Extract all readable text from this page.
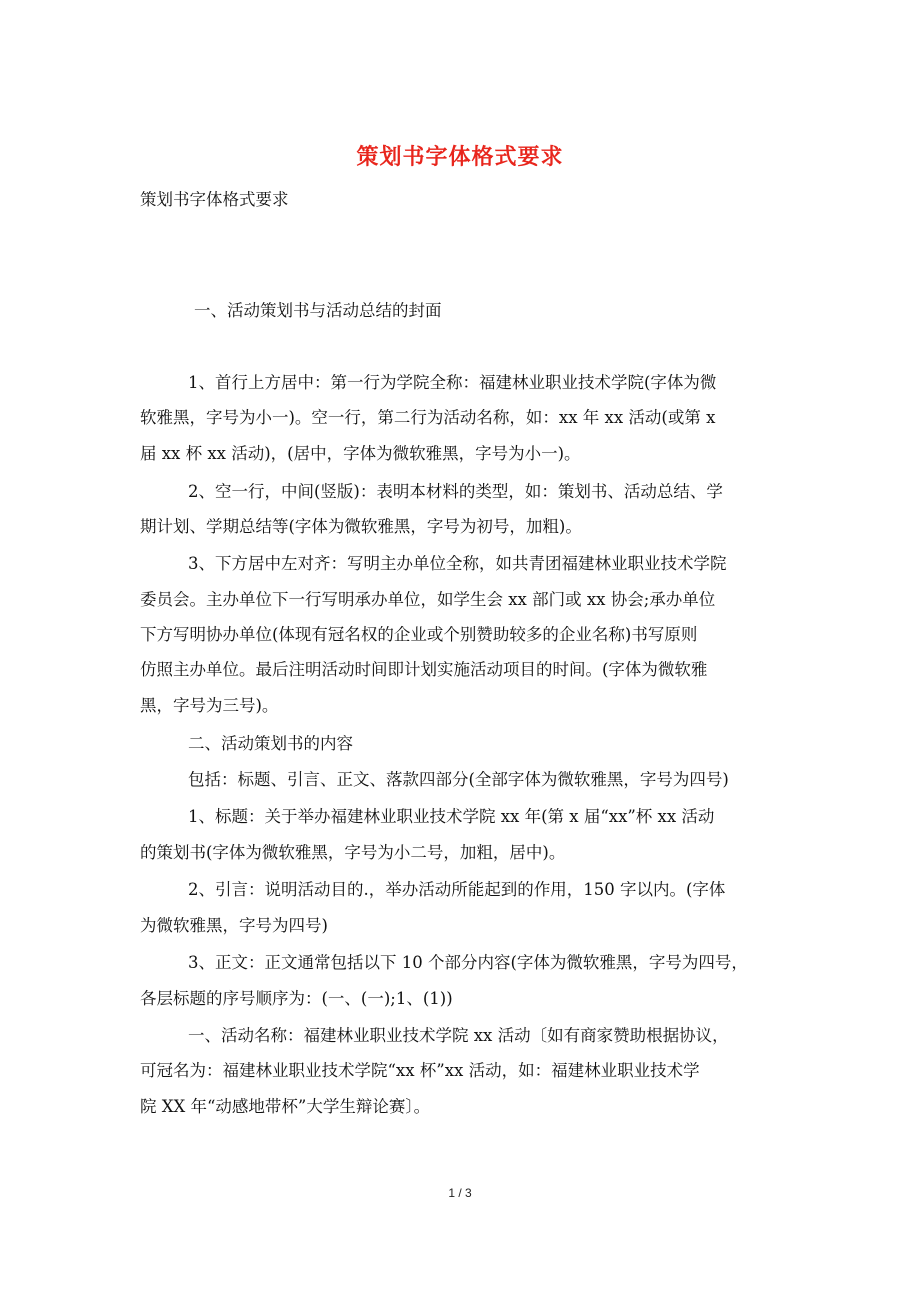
策划书字体格式要求
策划书字体格式要求
一、活动策划书与活动总结的封面
1、首行上方居中：第一行为学院全称：福建林业职业技术学院(字体为微
软雅黑，字号为小一)。空一行，第二行为活动名称，如：xx 年 xx 活动(或第 x
届 xx 杯 xx 活动)，(居中，字体为微软雅黑，字号为小一)。
2、空一行，中间(竖版)：表明本材料的类型，如：策划书、活动总结、学
期计划、学期总结等(字体为微软雅黑，字号为初号，加粗)。
3、下方居中左对齐：写明主办单位全称，如共青团福建林业职业技术学院
委员会。主办单位下一行写明承办单位，如学生会 xx 部门或 xx 协会;承办单位
下方写明协办单位(体现有冠名权的企业或个别赞助较多的企业名称)书写原则
仿照主办单位。最后注明活动时间即计划实施活动项目的时间。(字体为微软雅
黑，字号为三号)。
二、活动策划书的内容
包括：标题、引言、正文、落款四部分(全部字体为微软雅黑，字号为四号)
1、标题：关于举办福建林业职业技术学院 xx 年(第 x 届“xx”杯 xx 活动
的策划书(字体为微软雅黑，字号为小二号，加粗，居中)。
2、引言：说明活动目的.，举办活动所能起到的作用，150 字以内。(字体
为微软雅黑，字号为四号)
3、正文：正文通常包括以下 10 个部分内容(字体为微软雅黑，字号为四号，
各层标题的序号顺序为：(一、(一);1、(1))
一、活动名称：福建林业职业技术学院 xx 活动〔如有商家赞助根据协议，
可冠名为：福建林业职业技术学院“xx 杯”xx 活动，如：福建林业职业技术学
院 XX 年“动感地带杯”大学生辩论赛〕。
1 / 3
